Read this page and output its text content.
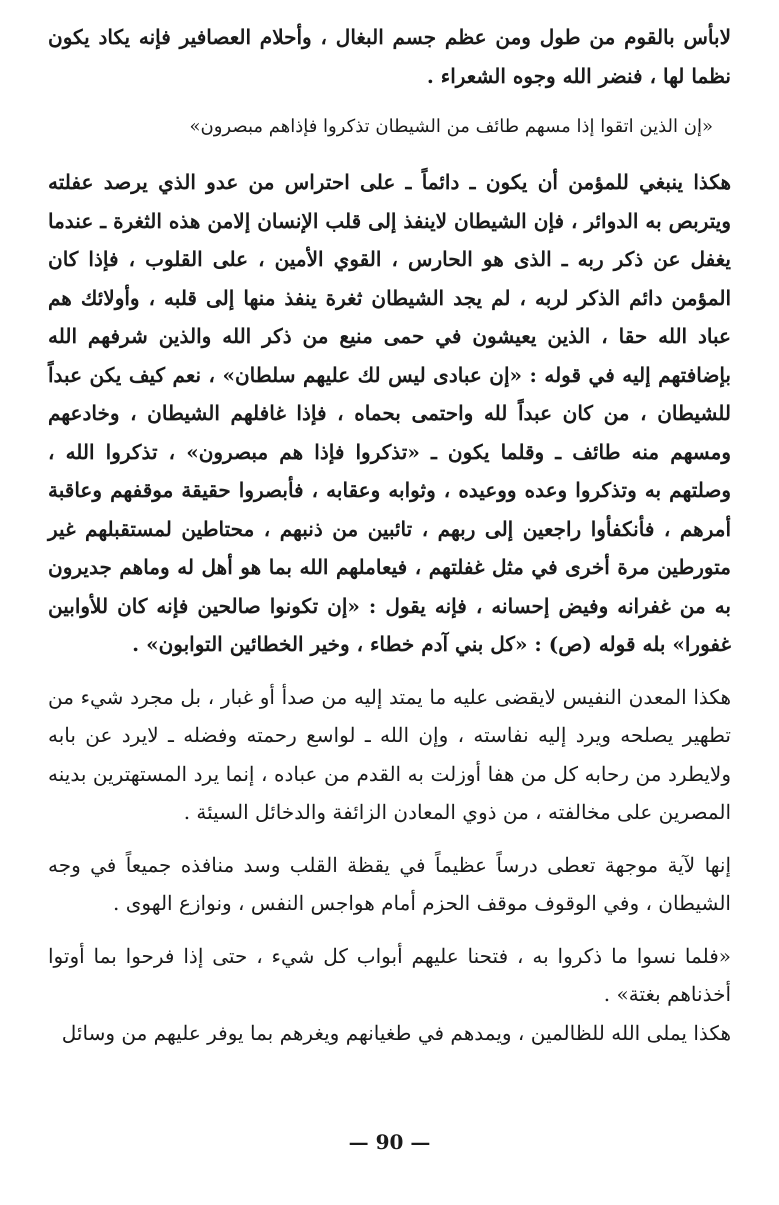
لابأس بالقوم من طول ومن عظم جسم البغال ، وأحلام العصافير فإنه يكاد يكون نظما لها ، فنضر الله وجوه الشعراء .

«إن الذين اتقوا إذا مسهم طائف من الشيطان تذكروا فإذاهم مبصرون»

هكذا ينبغي للمؤمن أن يكون ـ دائماً ـ على احتراس من عدو الذي يرصد عفلته ويتربص به الدوائر ، فإن الشيطان لاينفذ إلى قلب الإنسان إلامن هذه الثغرة ـ عندما يغفل عن ذكر ربه ـ الذى هو الحارس ، القوي الأمين ، على القلوب ، فإذا كان المؤمن دائم الذكر لربه ، لم يجد الشيطان ثغرة ينفذ منها إلى قلبه ، وأولائك هم عباد الله حقا ، الذين يعيشون في حمى منيع من ذكر الله والذين شرفهم الله بإضافتهم إليه في قوله : «إن عبادى ليس لك عليهم سلطان» ، نعم كيف يكن عبداً للشيطان ، من كان عبداً لله واحتمى بحماه ، فإذا غافلهم الشيطان ، وخادعهم ومسهم منه طائف ـ وقلما يكون ـ «تذكروا فإذا هم مبصرون» ، تذكروا الله ، وصلتهم به وتذكروا وعده ووعيده ، وثوابه وعقابه ، فأبصروا حقيقة موقفهم وعاقبة أمرهم ، فأنكفأوا راجعين إلى ربهم ، تائبين من ذنبهم ، محتاطين لمستقبلهم غير متورطين مرة أخرى في مثل غفلتهم ، فيعاملهم الله بما هو أهل له وماهم جديرون به من غفرانه وفيض إحسانه ، فإنه يقول : «إن تكونوا صالحين فإنه كان للأوابين غفورا» بله قوله (ص) : «كل بني آدم خطاء ، وخير الخطائين التوابون» .

هكذا المعدن النفيس لايقضى عليه ما يمتد إليه من صدأ أو غبار ، بل مجرد شيء من تطهير يصلحه ويرد إليه نفاسته ، وإن الله ـ لواسع رحمته وفضله ـ لايرد عن بابه ولايطرد من رحابه كل من هفا أوزلت به القدم من عباده ، إنما يرد المستهترين بدينه المصرين على مخالفته ، من ذوي المعادن الزائفة والدخائل السيئة .

إنها لآية موجهة تعطى درساً عظيماً في يقظة القلب وسد منافذه جميعاً في وجه الشيطان ، وفي الوقوف موقف الحزم أمام هواجس النفس ، ونوازع الهوى .

«فلما نسوا ما ذكروا به ، فتحنا عليهم أبواب كل شيء ، حتى إذا فرحوا بما أوتوا أخذناهم بغتة» .

هكذا يملى الله للظالمين ، ويمدهم في طغيانهم ويغرهم بما يوفر عليهم من وسائل

— 90 —
